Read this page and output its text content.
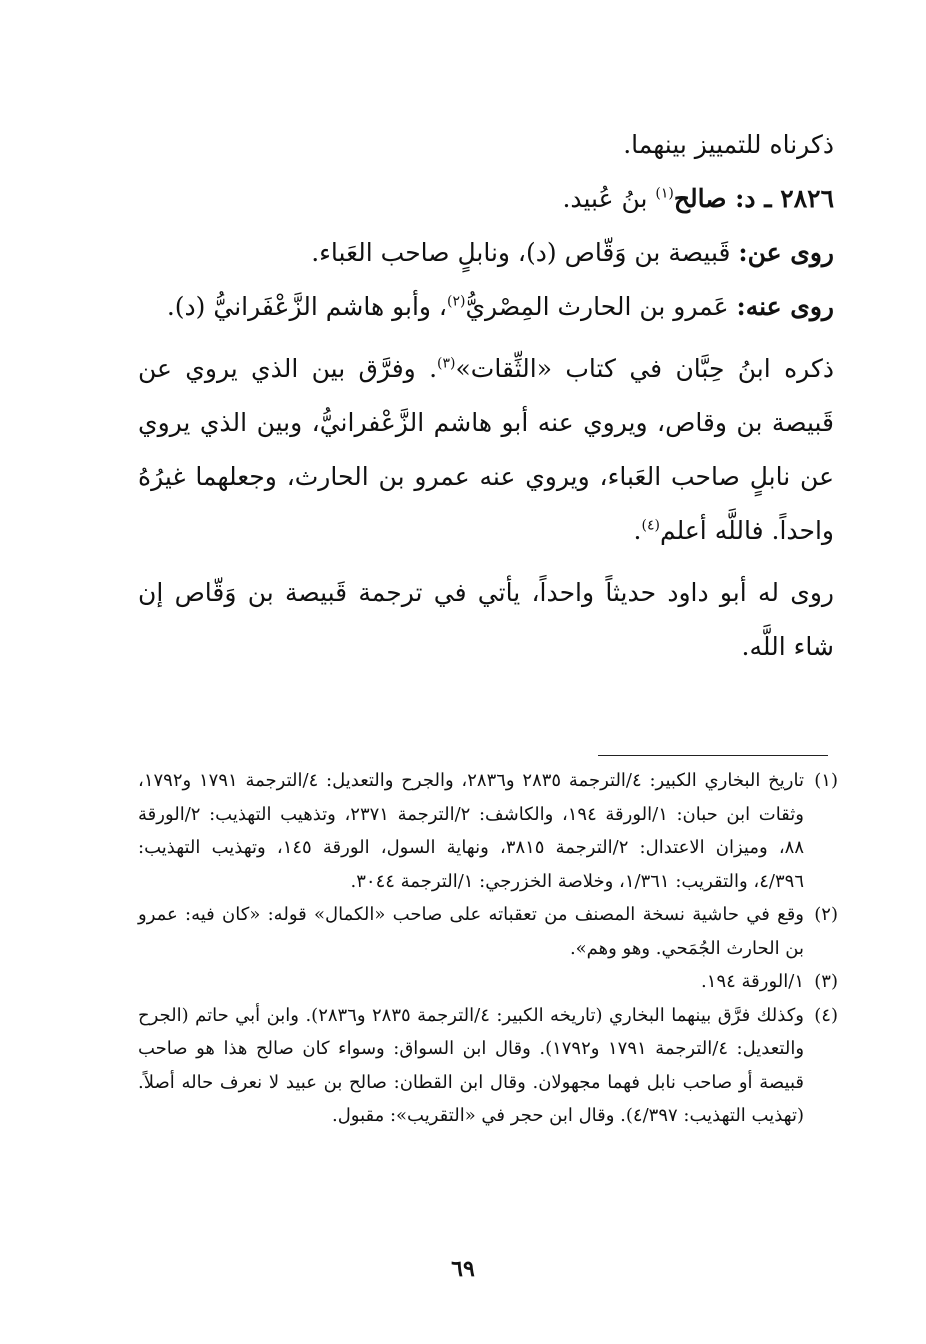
ذكرناه للتمييز بينهما.

٢٨٢٦ ـ د: صالح$^{(١)}$ بنُ عُبيد.

روى عن: قَبيصة بن وَقّاص (د)، ونابلٍ صاحب العَباء.

روى عنه: عَمرو بن الحارث المِصْريُّ$^{(٢)}$، وأبو هاشم الزَّعْفَرانيُّ (د).

ذكره ابنُ حِبَّان في كتاب «الثِّقات»$^{(٣)}$. وفرَّق بين الذي يروي عن قَبيصة بن وقاص، ويروي عنه أبو هاشم الزَّعْفرانيُّ، وبين الذي يروي عن نابلٍ صاحب العَباء، ويروي عنه عمرو بن الحارث، وجعلهما غيرُهُ واحداً. فاللَّه أعلم$^{(٤)}$.

روى له أبو داود حديثاً واحداً، يأتي في ترجمة قَبيصة بن وَقّاص إن شاء اللَّه.

(١)
تاريخ البخاري الكبير: ٤/الترجمة ٢٨٣٥ و٢٨٣٦، والجرح والتعديل: ٤/الترجمة ١٧٩١ و١٧٩٢، وثقات ابن حبان: ١/الورقة ١٩٤، والكاشف: ٢/الترجمة ٢٣٧١، وتذهيب التهذيب: ٢/الورقة ٨٨، وميزان الاعتدال: ٢/الترجمة ٣٨١٥، ونهاية السول، الورقة ١٤٥، وتهذيب التهذيب: ٤/٣٩٦، والتقريب: ١/٣٦١، وخلاصة الخزرجي: ١/الترجمة ٣٠٤٤.
(٢)
وقع في حاشية نسخة المصنف من تعقباته على صاحب «الكمال» قوله: «كان فيه: عمرو بن الحارث الجُمَحي. وهو وهم».
(٣)
١/الورقة ١٩٤.
(٤)
وكذلك فرَّق بينهما البخاري (تاريخه الكبير: ٤/الترجمة ٢٨٣٥ و٢٨٣٦). وابن أبي حاتم (الجرح والتعديل: ٤/الترجمة ١٧٩١ و١٧٩٢). وقال ابن السواق: وسواء كان صالح هذا هو صاحب قبيصة أو صاحب نابل فهما مجهولان. وقال ابن القطان: صالح بن عبيد لا نعرف حاله أصلاً. (تهذيب التهذيب: ٤/٣٩٧). وقال ابن حجر في «التقريب»: مقبول.
٦٩
